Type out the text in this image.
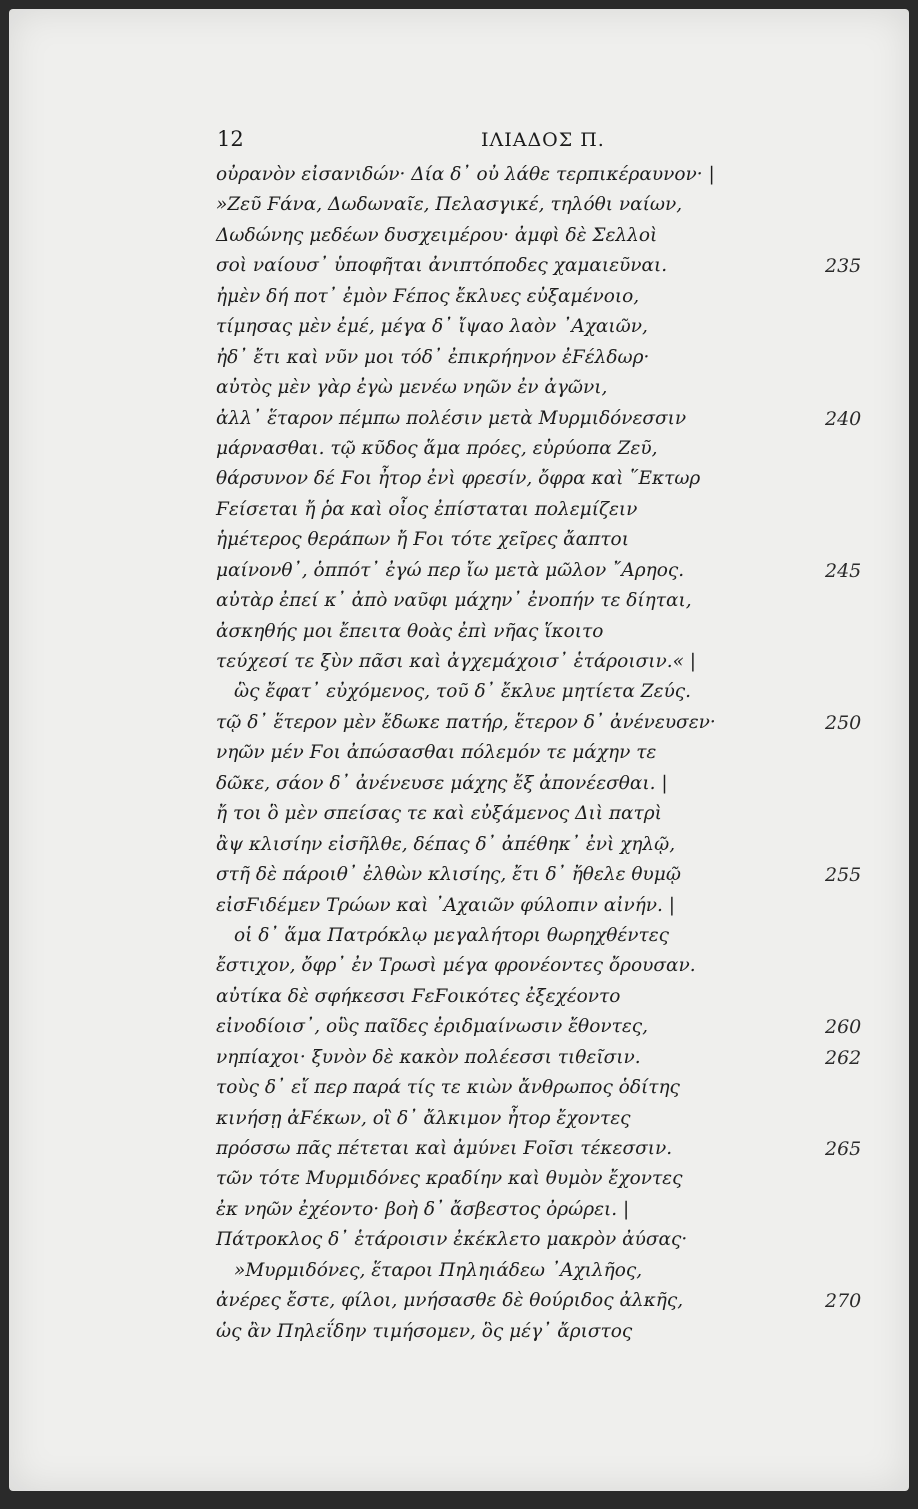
12	ΙΛΙΑΔΟΣ Π.
οὐρανὸν εἰσανιδών· Δία δ᾽ οὐ λάθε τερπικέραυνον· |
»Ζεῦ Ϝάνα, Δωδωναῖε, Πελασγικέ, τηλόθι ναίων,
Δωδώνης μεδέων δυσχειμέρου· ἀμφὶ δὲ Σελλοὶ
σοὶ ναίουσ᾽ ὑποφῆται ἀνιπτόποδες χαμαιεῦναι.	235
ἠμὲν δή ποτ᾽ ἐμὸν Ϝέπος ἔκλυες εὐξαμένοιο,
τίμησας μὲν ἐμέ, μέγα δ᾽ ἴψαο λαὸν ᾽Αχαιῶν,
ἠδ᾽ ἔτι καὶ νῦν μοι τόδ᾽ ἐπικρήηνον ἐϜέλδωρ·
αὐτὸς μὲν γὰρ ἐγὼ μενέω νηῶν ἐν ἀγῶνι,
ἀλλ᾽ ἕταρον πέμπω πολέσιν μετὰ Μυρμιδόνεσσιν	240
μάρνασθαι. τῷ κῦδος ἅμα πρόες, εὐρύοπα Ζεῦ,
θάρσυνον δέ Ϝοι ἦτορ ἐνὶ φρεσίν, ὄφρα καὶ ῞Εκτωρ
Ϝείσεται ἤ ῥα καὶ οἶος ἐπίσταται πολεμίζειν
ἡμέτερος θεράπων ἤ Ϝοι τότε χεῖρες ἄαπτοι
μαίνονθ᾽, ὁππότ᾽ ἐγώ περ ἴω μετὰ μῶλον ῎Αρηος.	245
αὐτὰρ ἐπεί κ᾽ ἀπὸ ναῦφι μάχην᾽ ἐνοπήν τε δίηται,
ἀσκηθής μοι ἔπειτα θοὰς ἐπὶ νῆας ἵκοιτο
τεύχεσί τε ξὺν πᾶσι καὶ ἀγχεμάχοισ᾽ ἑτάροισιν.« |
ὣς ἔφατ᾽ εὐχόμενος, τοῦ δ᾽ ἔκλυε μητίετα Ζεύς.
τῷ δ᾽ ἕτερον μὲν ἔδωκε πατήρ, ἕτερον δ᾽ ἀνένευσεν·	250
νηῶν μέν Ϝοι ἀπώσασθαι πόλεμόν τε μάχην τε
δῶκε, σάον δ᾽ ἀνένευσε μάχης ἔξ ἀπονέεσθαι. |
ἤ τοι ὃ μὲν σπείσας τε καὶ εὐξάμενος Διὶ πατρὶ
ἂψ κλισίην εἰσῆλθε, δέπας δ᾽ ἀπέθηκ᾽ ἐνὶ χηλῷ,
στῆ δὲ πάροιθ᾽ ἐλθὼν κλισίης, ἔτι δ᾽ ἤθελε θυμῷ	255
εἰσϜιδέμεν Τρώων καὶ ᾽Αχαιῶν φύλοπιν αἰνήν. |
οἱ δ᾽ ἅμα Πατρόκλῳ μεγαλήτορι θωρηχθέντες
ἔστιχον, ὄφρ᾽ ἐν Τρωσὶ μέγα φρονέοντες ὄρουσαν.
αὐτίκα δὲ σφήκεσσι ϜεϜοικότες ἐξεχέοντο
εἰνοδίοισ᾽, οὓς παῖδες ἐριδμαίνωσιν ἔθοντες,	260
νηπίαχοι· ξυνὸν δὲ κακὸν πολέεσσι τιθεῖσιν.	262
τοὺς δ᾽ εἴ περ παρά τίς τε κιὼν ἄνθρωπος ὁδίτης
κινήσῃ ἀϜέκων, οἳ δ᾽ ἄλκιμον ἦτορ ἔχοντες
πρόσσω πᾶς πέτεται καὶ ἀμύνει Ϝοῖσι τέκεσσιν.	265
τῶν τότε Μυρμιδόνες κραδίην καὶ θυμὸν ἔχοντες
ἐκ νηῶν ἐχέοντο· βοὴ δ᾽ ἄσβεστος ὀρώρει. |
Πάτροκλος δ᾽ ἑτάροισιν ἐκέκλετο μακρὸν ἀύσας·
»Μυρμιδόνες, ἕταροι Πηληιάδεω ᾽Αχιλῆος,
ἀνέρες ἔστε, φίλοι, μνήσασθε δὲ θούριδος ἀλκῆς,	270
ὡς ἂν Πηλεΐδην τιμήσομεν, ὃς μέγ᾽ ἄριστος
